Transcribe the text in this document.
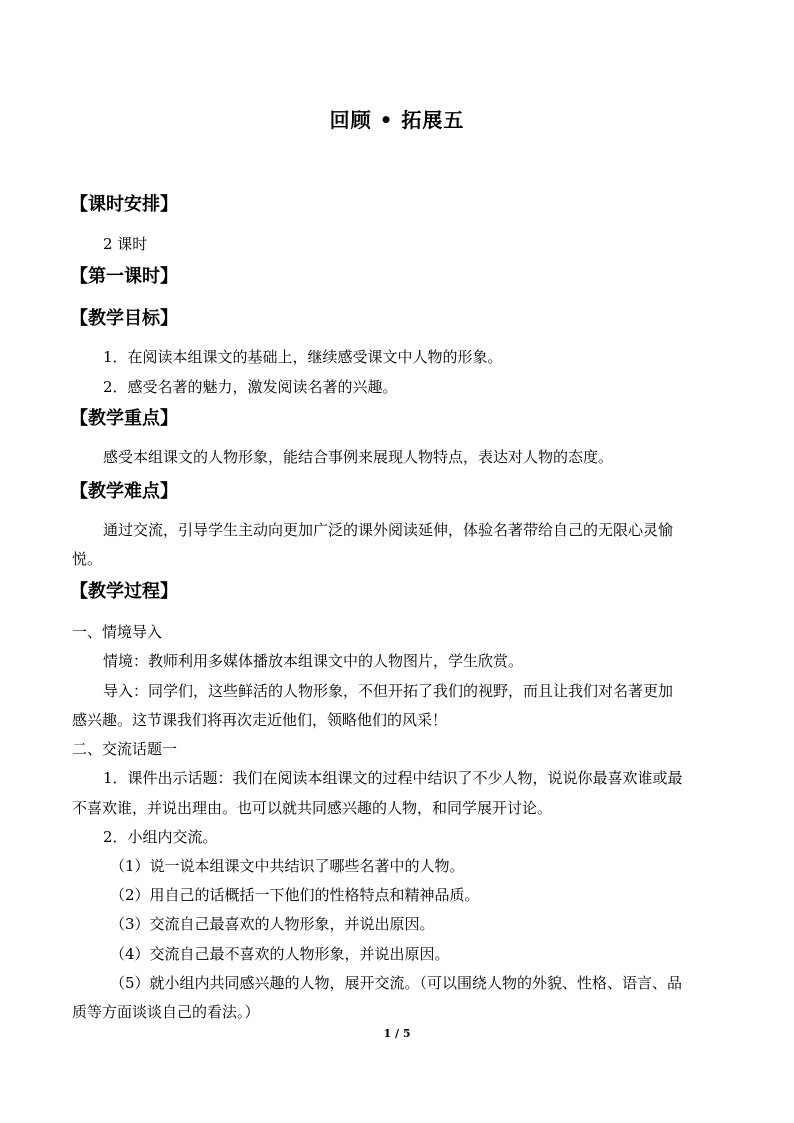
回顾 • 拓展五
【课时安排】
2 课时
【第一课时】
【教学目标】
1．在阅读本组课文的基础上，继续感受课文中人物的形象。
2．感受名著的魅力，激发阅读名著的兴趣。
【教学重点】
感受本组课文的人物形象，能结合事例来展现人物特点，表达对人物的态度。
【教学难点】
通过交流，引导学生主动向更加广泛的课外阅读延伸，体验名著带给自己的无限心灵愉
悦。
【教学过程】
一、情境导入
情境：教师利用多媒体播放本组课文中的人物图片，学生欣赏。
导入：同学们，这些鲜活的人物形象，不但开拓了我们的视野，而且让我们对名著更加
感兴趣。这节课我们将再次走近他们，领略他们的风采！
二、交流话题一
1．课件出示话题：我们在阅读本组课文的过程中结识了不少人物，说说你最喜欢谁或最
不喜欢谁，并说出理由。也可以就共同感兴趣的人物，和同学展开讨论。
2．小组内交流。
（1）说一说本组课文中共结识了哪些名著中的人物。
（2）用自己的话概括一下他们的性格特点和精神品质。
（3）交流自己最喜欢的人物形象，并说出原因。
（4）交流自己最不喜欢的人物形象，并说出原因。
（5）就小组内共同感兴趣的人物，展开交流。（可以围绕人物的外貌、性格、语言、品
质等方面谈谈自己的看法。）
1 / 5
